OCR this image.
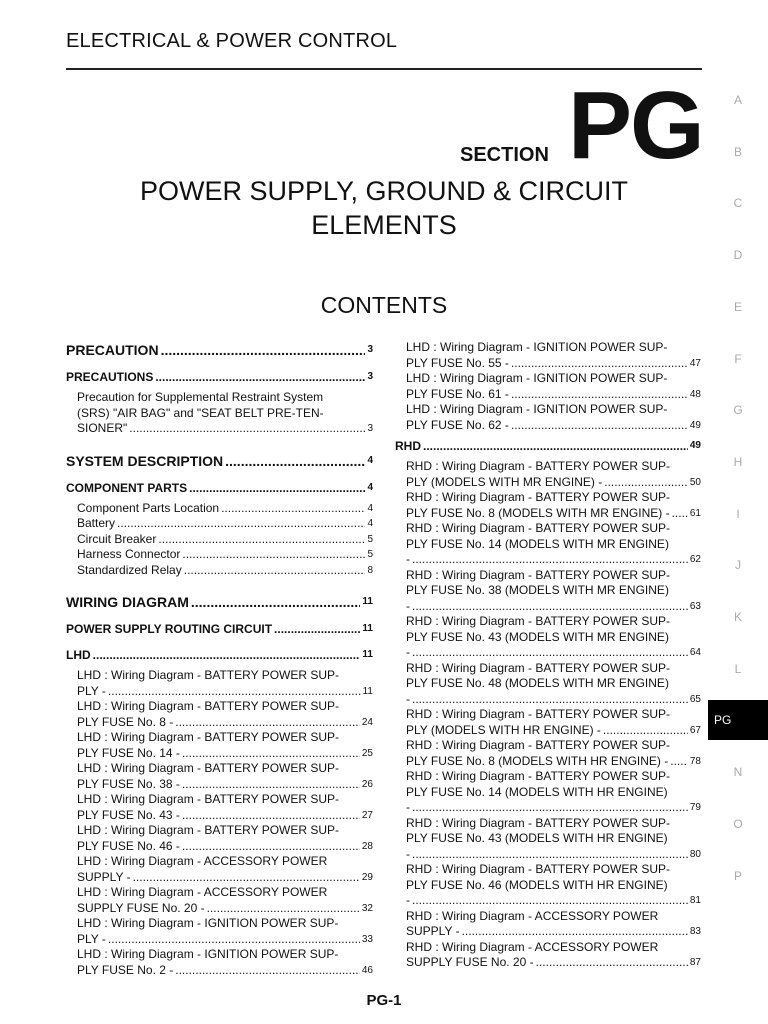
ELECTRICAL & POWER CONTROL
SECTION PG
POWER SUPPLY, GROUND & CIRCUIT ELEMENTS
CONTENTS
PRECAUTION .....	3
PRECAUTIONS .....	3
Precaution for Supplemental Restraint System
(SRS) "AIR BAG" and "SEAT BELT PRE-TEN-
SIONER" .....	3
SYSTEM DESCRIPTION .....	4
COMPONENT PARTS .....	4
Component Parts Location .....	4
Battery .....	4
Circuit Breaker .....	5
Harness Connector .....	5
Standardized Relay .....	8
WIRING DIAGRAM .....	11
POWER SUPPLY ROUTING CIRCUIT .....	11
LHD .....	11
LHD : Wiring Diagram - BATTERY POWER SUP-
PLY - .....	11
LHD : Wiring Diagram - BATTERY POWER SUP-
PLY FUSE No. 8 - .....	24
LHD : Wiring Diagram - BATTERY POWER SUP-
PLY FUSE No. 14 - .....	25
LHD : Wiring Diagram - BATTERY POWER SUP-
PLY FUSE No. 38 - .....	26
LHD : Wiring Diagram - BATTERY POWER SUP-
PLY FUSE No. 43 - .....	27
LHD : Wiring Diagram - BATTERY POWER SUP-
PLY FUSE No. 46 - .....	28
LHD : Wiring Diagram - ACCESSORY POWER
SUPPLY - .....	29
LHD : Wiring Diagram - ACCESSORY POWER
SUPPLY FUSE No. 20 - .....	32
LHD : Wiring Diagram - IGNITION POWER SUP-
PLY - .....	33
LHD : Wiring Diagram - IGNITION POWER SUP-
PLY FUSE No. 2 - .....	46
LHD : Wiring Diagram - IGNITION POWER SUP-
PLY FUSE No. 55 - .....	47
LHD : Wiring Diagram - IGNITION POWER SUP-
PLY FUSE No. 61 - .....	48
LHD : Wiring Diagram - IGNITION POWER SUP-
PLY FUSE No. 62 - .....	49
RHD .....	49
RHD : Wiring Diagram - BATTERY POWER SUP-
PLY (MODELS WITH MR ENGINE) - .....	50
RHD : Wiring Diagram - BATTERY POWER SUP-
PLY FUSE No. 8 (MODELS WITH MR ENGINE) - ..... 61
RHD : Wiring Diagram - BATTERY POWER SUP-
PLY FUSE No. 14 (MODELS WITH MR ENGINE)
- .....	62
RHD : Wiring Diagram - BATTERY POWER SUP-
PLY FUSE No. 38 (MODELS WITH MR ENGINE)
- .....	63
RHD : Wiring Diagram - BATTERY POWER SUP-
PLY FUSE No. 43 (MODELS WITH MR ENGINE)
- .....	64
RHD : Wiring Diagram - BATTERY POWER SUP-
PLY FUSE No. 48 (MODELS WITH MR ENGINE)
- .....	65
RHD : Wiring Diagram - BATTERY POWER SUP-
PLY (MODELS WITH HR ENGINE) - .....	67
RHD : Wiring Diagram - BATTERY POWER SUP-
PLY FUSE No. 8 (MODELS WITH HR ENGINE) - ..... 78
RHD : Wiring Diagram - BATTERY POWER SUP-
PLY FUSE No. 14 (MODELS WITH HR ENGINE)
- .....	79
RHD : Wiring Diagram - BATTERY POWER SUP-
PLY FUSE No. 43 (MODELS WITH HR ENGINE)
- .....	80
RHD : Wiring Diagram - BATTERY POWER SUP-
PLY FUSE No. 46 (MODELS WITH HR ENGINE)
- .....	81
RHD : Wiring Diagram - ACCESSORY POWER
SUPPLY - .....	83
RHD : Wiring Diagram - ACCESSORY POWER
SUPPLY FUSE No. 20 - .....	87
A
B
C
D
E
F
G
H
I
J
K
L
PG
N
O
P
PG-1
